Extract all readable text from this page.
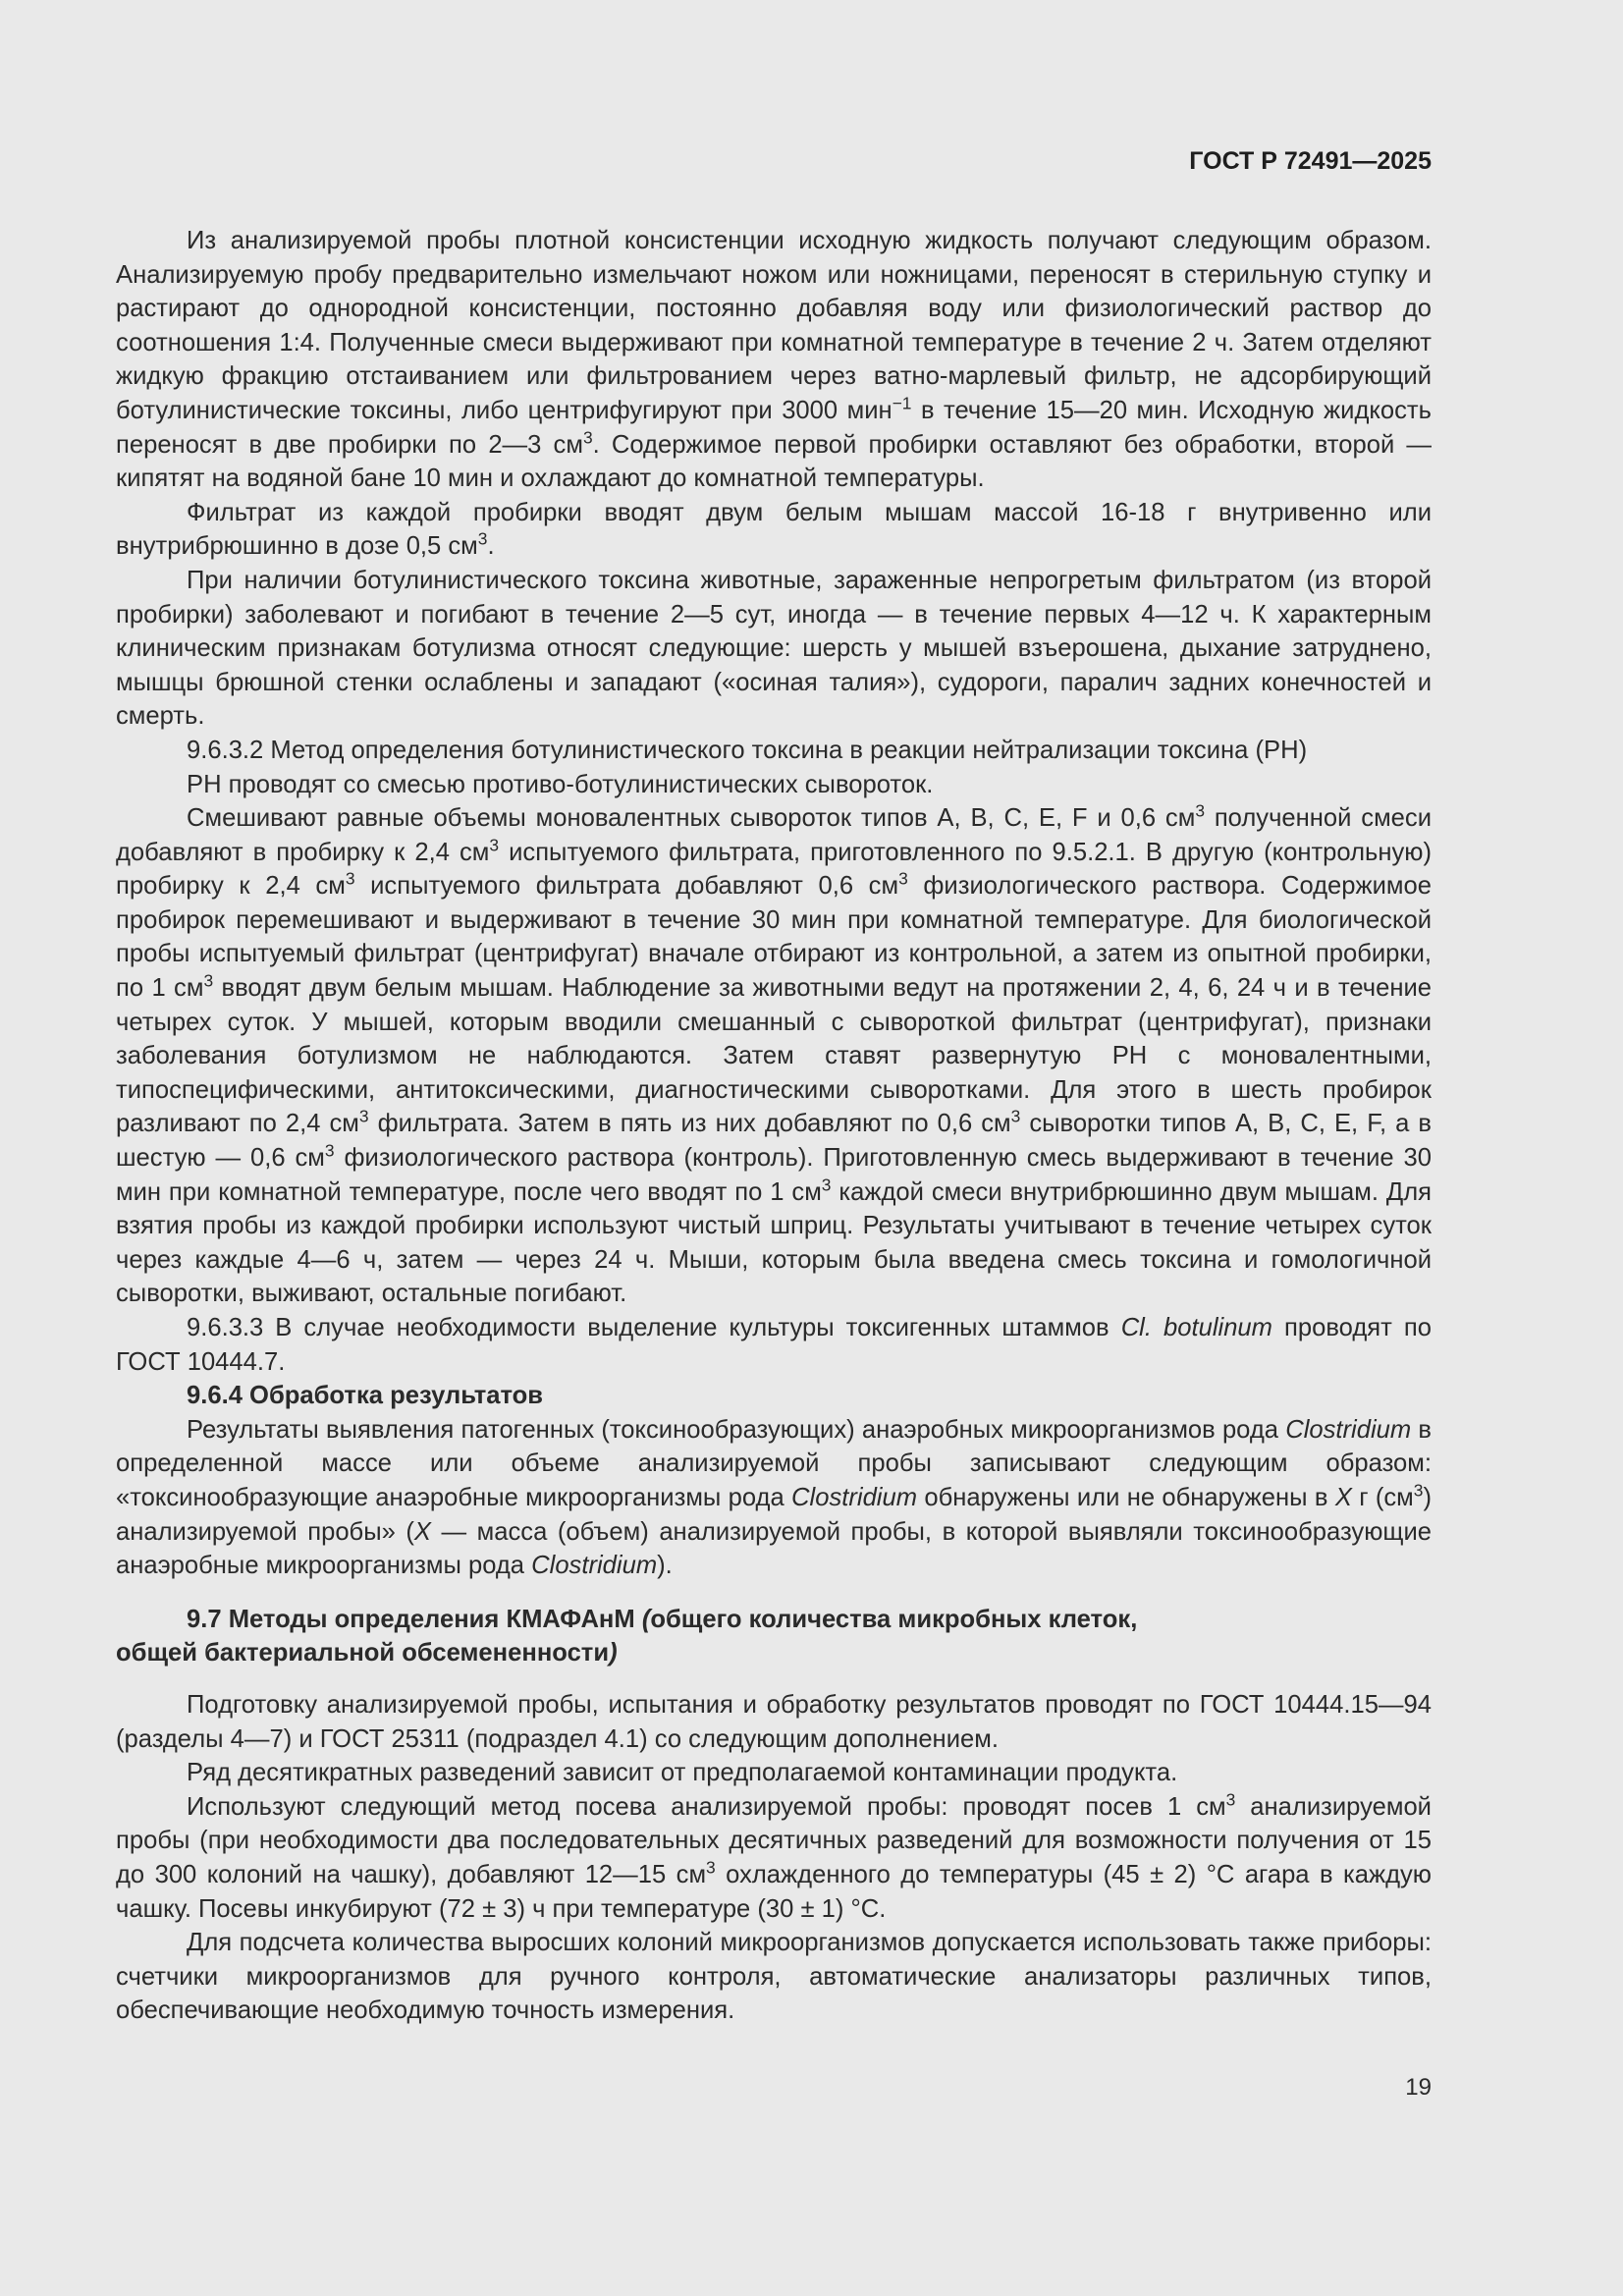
ГОСТ Р 72491—2025

Из анализируемой пробы плотной консистенции исходную жидкость получают следующим образом. Анализируемую пробу предварительно измельчают ножом или ножницами, переносят в стерильную ступку и растирают до однородной консистенции, постоянно добавляя воду или физиологический раствор до соотношения 1:4. Полученные смеси выдерживают при комнатной температуре в течение 2 ч. Затем отделяют жидкую фракцию отстаиванием или фильтрованием через ватно-марлевый фильтр, не адсорбирующий ботулинистические токсины, либо центрифугируют при 3000 мин$^{-1}$ в течение 15—20 мин. Исходную жидкость переносят в две пробирки по 2—3 $см^3$. Содержимое первой пробирки оставляют без обработки, второй — кипятят на водяной бане 10 мин и охлаждают до комнатной температуры.

Фильтрат из каждой пробирки вводят двум белым мышам массой 16-18 г внутривенно или внутрибрюшинно в дозе 0,5 $см^3$.

При наличии ботулинистического токсина животные, зараженные непрогретым фильтратом (из второй пробирки) заболевают и погибают в течение 2—5 сут, иногда — в течение первых 4—12 ч. К характерным клиническим признакам ботулизма относят следующие: шерсть у мышей взъерошена, дыхание затруднено, мышцы брюшной стенки ослаблены и западают («осиная талия»), судороги, паралич задних конечностей и смерть.

9.6.3.2 Метод определения ботулинистического токсина в реакции нейтрализации токсина (РН)

РН проводят со смесью противо-ботулинистических сывороток.

Смешивают равные объемы моновалентных сывороток типов А, В, С, Е, F и 0,6 $см^3$ полученной смеси добавляют в пробирку к 2,4 $см^3$ испытуемого фильтрата, приготовленного по 9.5.2.1. В другую (контрольную) пробирку к 2,4 $см^3$ испытуемого фильтрата добавляют 0,6 $см^3$ физиологического раствора. Содержимое пробирок перемешивают и выдерживают в течение 30 мин при комнатной температуре. Для биологической пробы испытуемый фильтрат (центрифугат) вначале отбирают из контрольной, а затем из опытной пробирки, по 1 $см^3$ вводят двум белым мышам. Наблюдение за животными ведут на протяжении 2, 4, 6, 24 ч и в течение четырех суток. У мышей, которым вводили смешанный с сывороткой фильтрат (центрифугат), признаки заболевания ботулизмом не наблюдаются. Затем ставят развернутую РН с моновалентными, типоспецифическими, антитоксическими, диагностическими сыворотками. Для этого в шесть пробирок разливают по 2,4 $см^3$ фильтрата. Затем в пять из них добавляют по 0,6 $см^3$ сыворотки типов А, В, С, Е, F, а в шестую — 0,6 $см^3$ физиологического раствора (контроль). Приготовленную смесь выдерживают в течение 30 мин при комнатной температуре, после чего вводят по 1 $см^3$ каждой смеси внутрибрюшинно двум мышам. Для взятия пробы из каждой пробирки используют чистый шприц. Результаты учитывают в течение четырех суток через каждые 4—6 ч, затем — через 24 ч. Мыши, которым была введена смесь токсина и гомологичной сыворотки, выживают, остальные погибают.

9.6.3.3 В случае необходимости выделение культуры токсигенных штаммов Cl. botulinum проводят по ГОСТ 10444.7.

9.6.4 Обработка результатов

Результаты выявления патогенных (токсинообразующих) анаэробных микроорганизмов рода Clostridium в определенной массе или объеме анализируемой пробы записывают следующим образом: «токсинообразующие анаэробные микроорганизмы рода Clostridium обнаружены или не обнаружены в X г $(см^3)$ анализируемой пробы» (X — масса (объем) анализируемой пробы, в которой выявляли токсинообразующие анаэробные микроорганизмы рода Clostridium).

9.7 Методы определения КМАФАнМ (общего количества микробных клеток,
общей бактериальной обсемененности)

Подготовку анализируемой пробы, испытания и обработку результатов проводят по ГОСТ 10444.15—94 (разделы 4—7) и ГОСТ 25311 (подраздел 4.1) со следующим дополнением.

Ряд десятикратных разведений зависит от предполагаемой контаминации продукта.

Используют следующий метод посева анализируемой пробы: проводят посев 1 $см^3$ анализируемой пробы (при необходимости два последовательных десятичных разведений для возможности получения от 15 до 300 колоний на чашку), добавляют 12—15 $см^3$ охлажденного до температуры (45 ± 2) °С агара в каждую чашку. Посевы инкубируют (72 ± 3) ч при температуре (30 ± 1) °С.

Для подсчета количества выросших колоний микроорганизмов допускается использовать также приборы: счетчики микроорганизмов для ручного контроля, автоматические анализаторы различных типов, обеспечивающие необходимую точность измерения.

19
